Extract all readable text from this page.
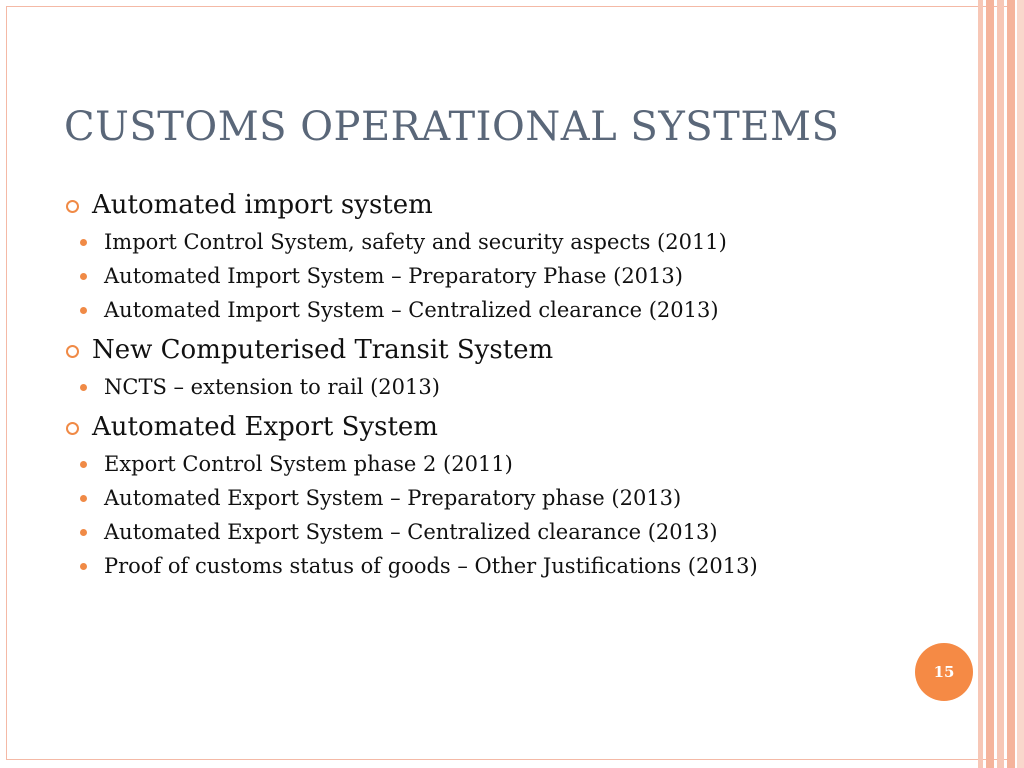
CUSTOMS OPERATIONAL SYSTEMS
Automated import system
Import Control System, safety and security aspects (2011)
Automated Import System – Preparatory Phase (2013)
Automated Import System – Centralized clearance (2013)
New Computerised Transit System
NCTS – extension to rail (2013)
Automated Export System
Export Control System phase 2 (2011)
Automated Export System – Preparatory phase (2013)
Automated Export System – Centralized clearance (2013)
Proof of customs status of goods – Other Justifications (2013)
15
